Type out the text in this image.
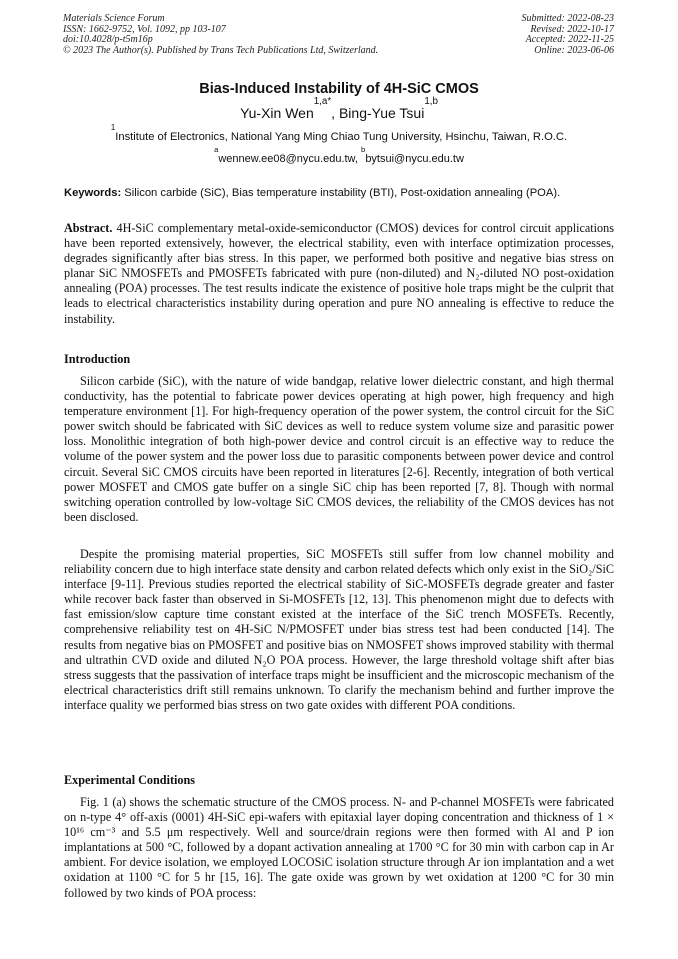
Materials Science Forum
ISSN: 1662-9752, Vol. 1092, pp 103-107
doi:10.4028/p-t5m16p
© 2023 The Author(s). Published by Trans Tech Publications Ltd, Switzerland.
Submitted: 2022-08-23
Revised: 2022-10-17
Accepted: 2022-11-25
Online: 2023-06-06
Bias-Induced Instability of 4H-SiC CMOS
Yu-Xin Wen$^{1,a*}$, Bing-Yue Tsui$^{1,b}$
$^1$Institute of Electronics, National Yang Ming Chiao Tung University, Hsinchu, Taiwan, R.O.C.
$^a$wennew.ee08@nycu.edu.tw, $^b$bytsui@nycu.edu.tw
Keywords: Silicon carbide (SiC), Bias temperature instability (BTI), Post-oxidation annealing (POA).

Abstract. 4H-SiC complementary metal-oxide-semiconductor (CMOS) devices for control circuit applications have been reported extensively, however, the electrical stability, even with interface optimization processes, degrades significantly after bias stress. In this paper, we performed both positive and negative bias stress on planar SiC NMOSFETs and PMOSFETs fabricated with pure (non-diluted) and N₂-diluted NO post-oxidation annealing (POA) processes. The test results indicate the existence of positive hole traps might be the culprit that leads to electrical characteristics instability during operation and pure NO annealing is effective to reduce the instability.

Introduction

Silicon carbide (SiC), with the nature of wide bandgap, relative lower dielectric constant, and high thermal conductivity, has the potential to fabricate power devices operating at high power, high frequency and high temperature environment [1]. For high-frequency operation of the power system, the control circuit for the SiC power switch should be fabricated with SiC devices as well to reduce system volume size and parasitic power loss. Monolithic integration of both high-power device and control circuit is an effective way to reduce the volume of the power system and the power loss due to parasitic components between power device and control circuit. Several SiC CMOS circuits have been reported in literatures [2-6]. Recently, integration of both vertical power MOSFET and CMOS gate buffer on a single SiC chip has been reported [7, 8]. Though with normal switching operation controlled by low-voltage SiC CMOS devices, the reliability of the CMOS devices has not been disclosed.

Despite the promising material properties, SiC MOSFETs still suffer from low channel mobility and reliability concern due to high interface state density and carbon related defects which only exist in the SiO₂/SiC interface [9-11]. Previous studies reported the electrical stability of SiC-MOSFETs degrade greater and faster while recover back faster than observed in Si-MOSFETs [12, 13]. This phenomenon might due to defects with fast emission/slow capture time constant existed at the interface of the SiC trench MOSFETs. Recently, comprehensive reliability test on 4H-SiC N/PMOSFET under bias stress test had been conducted [14]. The results from negative bias on PMOSFET and positive bias on NMOSFET shows improved stability with thermal and ultrathin CVD oxide and diluted N₂O POA process. However, the large threshold voltage shift after bias stress suggests that the passivation of interface traps might be insufficient and the microscopic mechanism of the electrical characteristics drift still remains unknown. To clarify the mechanism behind and further improve the interface quality we performed bias stress on two gate oxides with different POA conditions.

Experimental Conditions

Fig. 1 (a) shows the schematic structure of the CMOS process. N- and P-channel MOSFETs were fabricated on n-type 4° off-axis (0001) 4H-SiC epi-wafers with epitaxial layer doping concentration and thickness of 1 × 10¹⁶ cm⁻³ and 5.5 μm respectively. Well and source/drain regions were then formed with Al and P ion implantations at 500 °C, followed by a dopant activation annealing at 1700 °C for 30 min with carbon cap in Ar ambient. For device isolation, we employed LOCOSiC isolation structure through Ar ion implantation and a wet oxidation at 1100 °C for 5 hr [15, 16]. The gate oxide was grown by wet oxidation at 1200 °C for 30 min followed by two kinds of POA process:
